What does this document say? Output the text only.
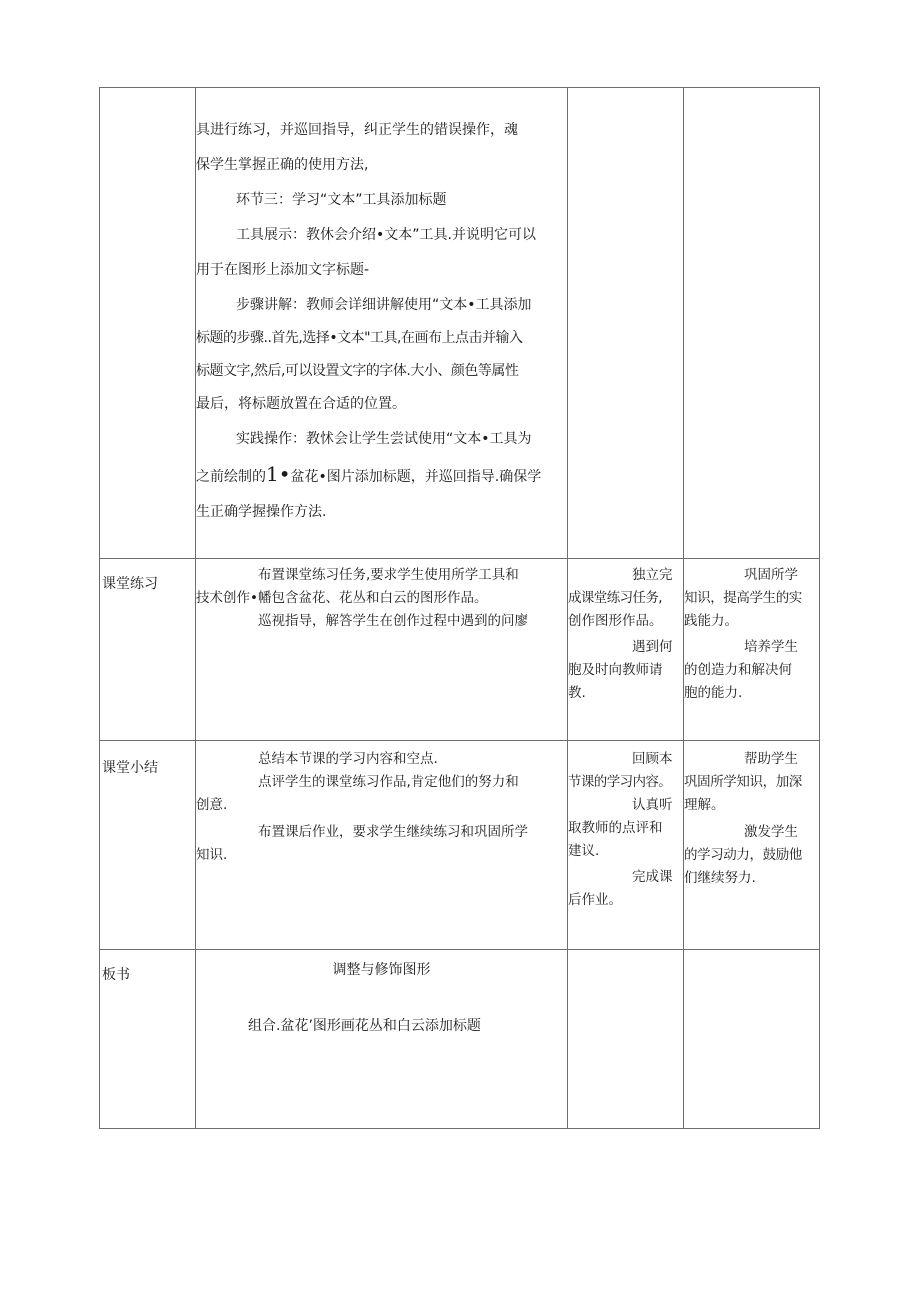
具进行练习，并巡回指导，纠正学生的错误操作，魂

保学生掌握正确的使用方法,

环节三：学习“文本”工具添加标题

工具展示：教休会介绍•文本”工具.并说明它可以

用于在图形上添加文字标题-

步骤讲解：教师会详细讲解使用“文本•工具添加

标题的步骤..首先,选择•文本"工具,在画布上点击并输入

标题文字,然后,可以设置文字的字体.大小、颜色等属性

最后，将标题放置在合适的位置。

实践操作：教怵会让学生尝试使用“文本•工具为

之前绘制的1•盆花•图片添加标题，并巡回指导.确保学

生正确学握操作方法.

课堂练习

布置课堂练习任务,要求学生使用所学工具和

技术创作•幡包含盆花、花丛和白云的图形作品。

巡视指导，解答学生在创作过程中遇到的问廖

独立完

成课堂练习任务,

创作图形作品。

遇到何

胞及时向教师请

教.

巩固所学

知识，提高学生的实

践能力。

培养学生

的创造力和解决何

胞的能力.

课堂小结

总结本节课的学习内容和空点.

点评学生的课堂练习作品,肯定他们的努力和

创意.

布置课后作业，要求学生继续练习和巩固所学

知识.

回顾本

节课的学习内容。

认真听

取教师的点评和

建议.

完成课

后作业。

帮助学生

巩固所学知识，加深

理解。

激发学生

的学习动力，鼓励他

们继续努力.

板书	调整与修饰图形

组合.盆花’图形画花丛和白云添加标题
